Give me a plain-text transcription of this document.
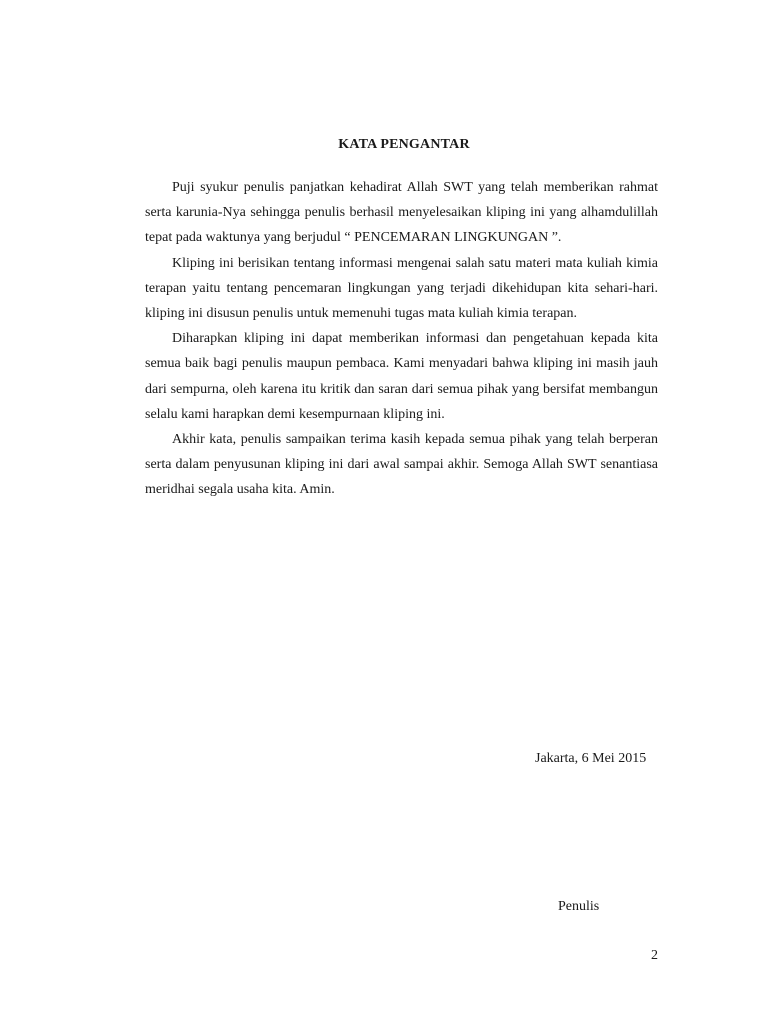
KATA PENGANTAR

Puji syukur penulis panjatkan kehadirat Allah SWT yang telah memberikan rahmat serta karunia-Nya sehingga penulis berhasil menyelesaikan kliping ini yang alhamdulillah tepat pada waktunya yang berjudul “ PENCEMARAN LINGKUNGAN ”.

Kliping ini berisikan tentang informasi mengenai salah satu materi mata kuliah kimia terapan yaitu tentang pencemaran lingkungan yang terjadi dikehidupan kita sehari-hari. kliping ini disusun penulis untuk memenuhi tugas mata kuliah kimia terapan.

Diharapkan kliping ini dapat memberikan informasi dan pengetahuan kepada kita semua baik bagi penulis maupun pembaca. Kami menyadari bahwa kliping ini masih jauh dari sempurna, oleh karena itu kritik dan saran dari semua pihak yang bersifat membangun selalu kami harapkan demi kesempurnaan kliping ini.

Akhir kata, penulis sampaikan terima kasih kepada semua pihak yang telah berperan serta dalam penyusunan kliping ini dari awal sampai akhir. Semoga Allah SWT senantiasa meridhai segala usaha kita. Amin.

Jakarta, 6 Mei 2015
Penulis
2
